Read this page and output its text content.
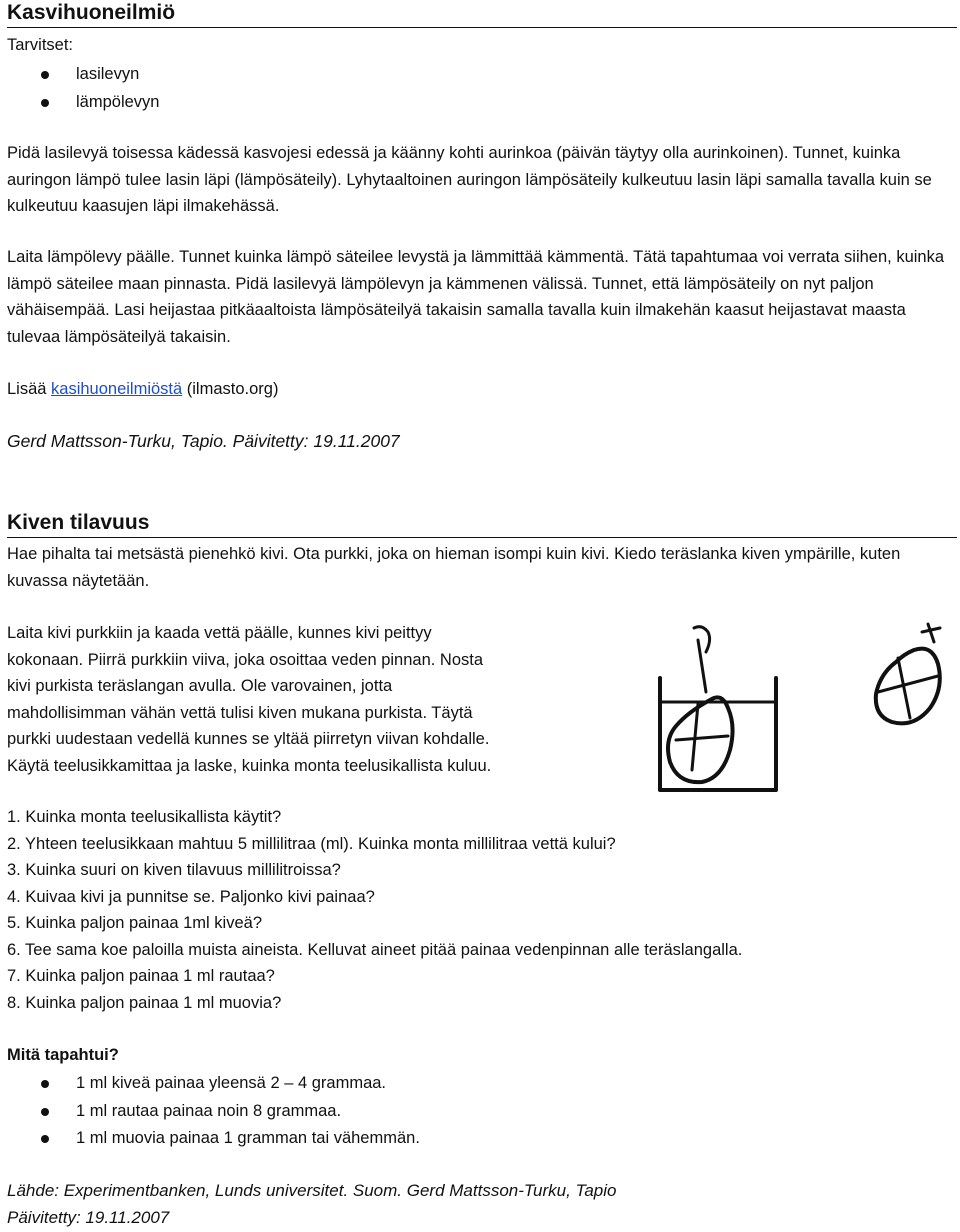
Kasvihuoneilmiö

Tarvitset:

lasilevyn
lämpölevyn

Pidä lasilevyä toisessa kädessä kasvojesi edessä ja käänny kohti aurinkoa (päivän täytyy olla aurinkoinen). Tunnet, kuinka auringon lämpö tulee lasin läpi (lämpösäteily). Lyhytaaltoinen auringon lämpösäteily kulkeutuu lasin läpi samalla tavalla kuin se kulkeutuu kaasujen läpi ilmakehässä.

Laita lämpölevy päälle. Tunnet kuinka lämpö säteilee levystä ja lämmittää kämmentä. Tätä tapahtumaa voi verrata siihen, kuinka lämpö säteilee maan pinnasta. Pidä lasilevyä lämpölevyn ja kämmenen välissä. Tunnet, että lämpösäteily on nyt paljon vähäisempää. Lasi heijastaa pitkäaaltoista lämpösäteilyä takaisin samalla tavalla kuin ilmakehän kaasut heijastavat maasta tulevaa lämpösäteilyä takaisin.

Lisää kasihuoneilmiöstä (ilmasto.org)

Gerd Mattsson-Turku, Tapio. Päivitetty: 19.11.2007

Kiven tilavuus

Hae pihalta tai metsästä pienehkö kivi. Ota purkki, joka on hieman isompi kuin kivi. Kiedo teräslanka kiven ympärille, kuten kuvassa näytetään.

Laita kivi purkkiin ja kaada vettä päälle, kunnes kivi peittyy

kokonaan. Piirrä purkkiin viiva, joka osoittaa veden pinnan. Nosta

kivi purkista teräslangan avulla. Ole varovainen, jotta

mahdollisimman vähän vettä tulisi kiven mukana purkista. Täytä

purkki uudestaan vedellä kunnes se yltää piirretyn viivan kohdalle.

Käytä teelusikkamittaa ja laske, kuinka monta teelusikallista kuluu.

1. Kuinka monta teelusikallista käytit?
2. Yhteen teelusikkaan mahtuu 5 millilitraa (ml). Kuinka monta millilitraa vettä kului?
3. Kuinka suuri on kiven tilavuus millilitroissa?
4. Kuivaa kivi ja punnitse se. Paljonko kivi painaa?
5. Kuinka paljon painaa 1ml kiveä?
6. Tee sama koe paloilla muista aineista. Kelluvat aineet pitää painaa vedenpinnan alle teräslangalla.
7. Kuinka paljon painaa 1 ml rautaa?
8. Kuinka paljon painaa 1 ml muovia?

Mitä tapahtui?

1 ml kiveä painaa yleensä 2 – 4 grammaa.
1 ml rautaa painaa noin 8 grammaa.
1 ml muovia painaa 1 gramman tai vähemmän.

Lähde: Experimentbanken, Lunds universitet. Suom. Gerd Mattsson-Turku, Tapio

Päivitetty: 19.11.2007
